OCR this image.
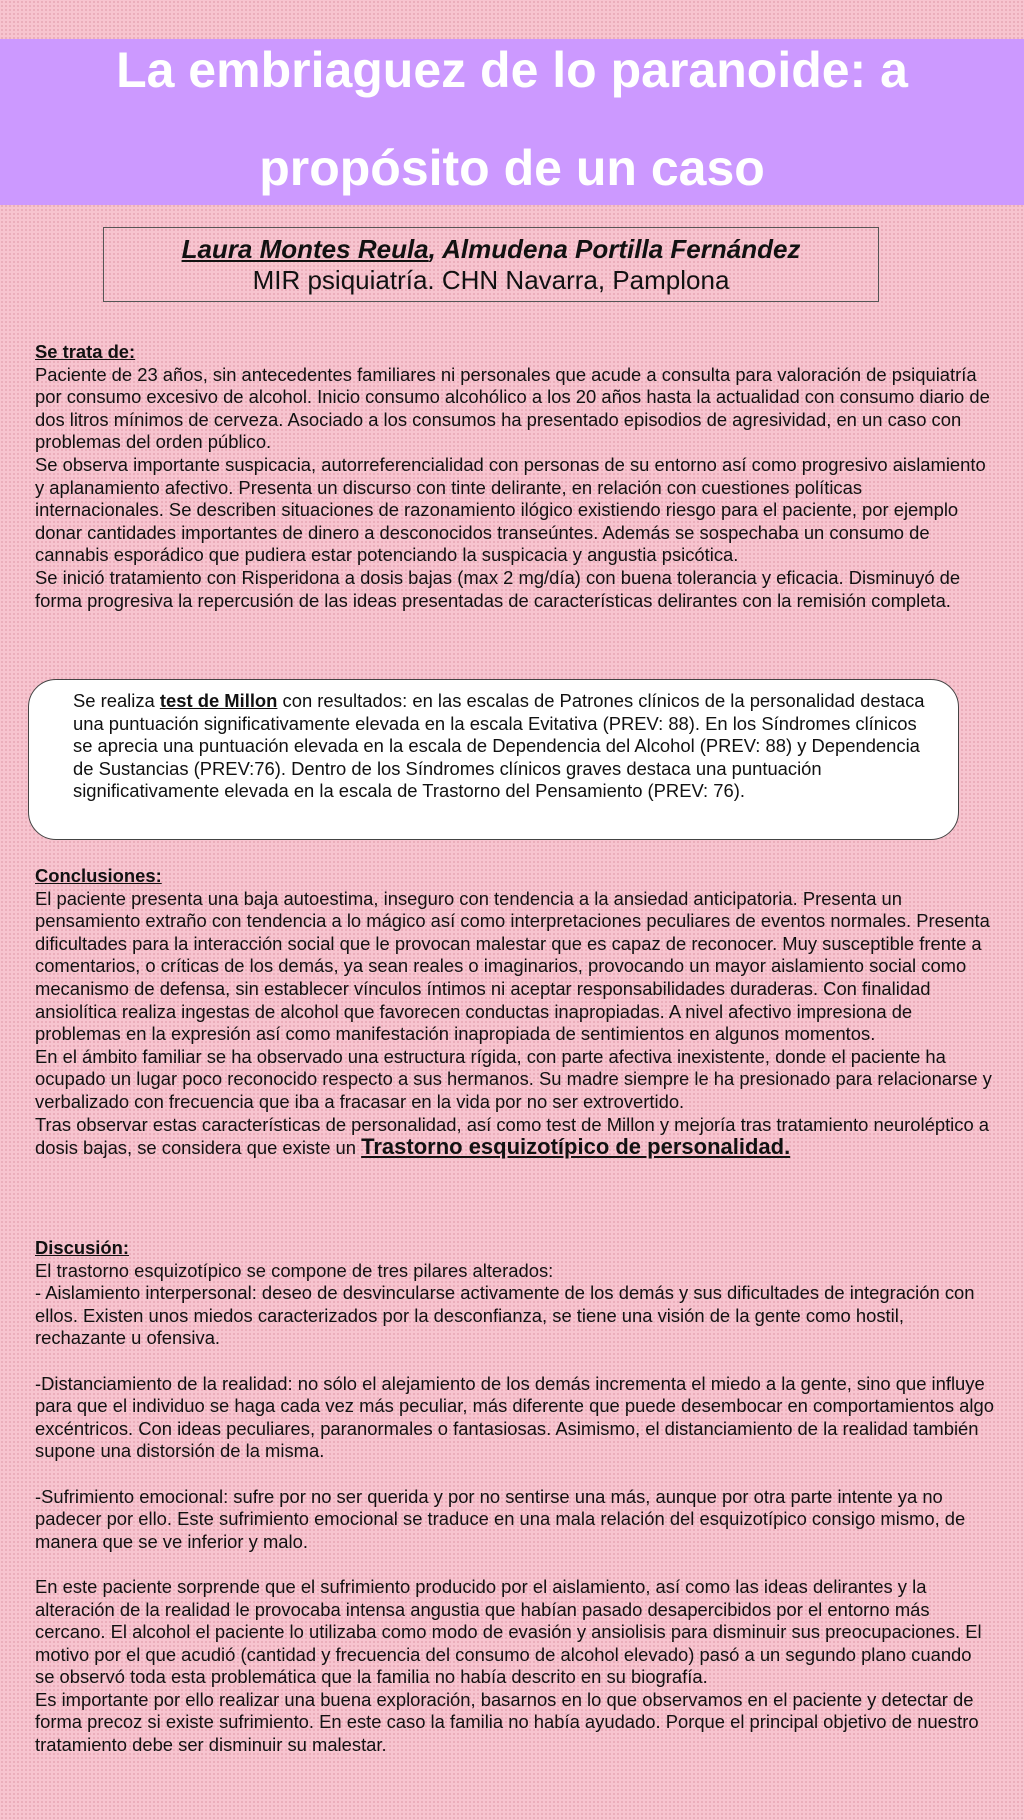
La embriaguez de lo paranoide: a
propósito de un caso
Laura Montes Reula, Almudena Portilla Fernández
MIR psiquiatría. CHN Navarra, Pamplona

Se trata de:

Paciente de 23 años, sin antecedentes familiares ni personales que acude a consulta para valoración de psiquiatría por consumo excesivo de alcohol. Inicio consumo alcohólico a los 20 años hasta la actualidad con consumo diario de dos litros mínimos de cerveza. Asociado a los consumos ha presentado episodios de agresividad, en un caso con problemas del orden público.

Se observa importante suspicacia, autorreferencialidad con personas de su entorno así como progresivo aislamiento y aplanamiento afectivo. Presenta un discurso con tinte delirante, en relación con cuestiones políticas internacionales. Se describen situaciones de razonamiento ilógico existiendo riesgo para el paciente, por ejemplo donar cantidades importantes de dinero a desconocidos transeúntes. Además se sospechaba un consumo de cannabis esporádico que pudiera estar potenciando la suspicacia y angustia psicótica.

Se inició tratamiento con Risperidona a dosis bajas (max 2 mg/día) con buena tolerancia y eficacia. Disminuyó de forma progresiva la repercusión de las ideas presentadas de características delirantes con la remisión completa.

Se realiza test de Millon con resultados: en las escalas de Patrones clínicos de la personalidad destaca una puntuación significativamente elevada en la escala Evitativa (PREV: 88). En los Síndromes clínicos se aprecia una puntuación elevada en la escala de Dependencia del Alcohol (PREV: 88) y Dependencia de Sustancias (PREV:76). Dentro de los Síndromes clínicos graves destaca una puntuación significativamente elevada en la escala de Trastorno del Pensamiento (PREV: 76).

Conclusiones:

El paciente presenta una baja autoestima, inseguro con tendencia a la ansiedad anticipatoria. Presenta un pensamiento extraño con tendencia a lo mágico así como interpretaciones peculiares de eventos normales. Presenta dificultades para la interacción social que le provocan malestar que es capaz de reconocer. Muy susceptible frente a comentarios, o críticas de los demás, ya sean reales o imaginarios, provocando un mayor aislamiento social como mecanismo de defensa, sin establecer vínculos íntimos ni aceptar responsabilidades duraderas. Con finalidad ansiolítica realiza ingestas de alcohol que favorecen conductas inapropiadas. A nivel afectivo impresiona de problemas en la expresión así como manifestación inapropiada de sentimientos en algunos momentos.

En el ámbito familiar se ha observado una estructura rígida, con parte afectiva inexistente, donde el paciente ha ocupado un lugar poco reconocido respecto a sus hermanos. Su madre siempre le ha presionado para relacionarse y verbalizado con frecuencia que iba a fracasar en la vida por no ser extrovertido.

Tras observar estas características de personalidad, así como test de Millon y mejoría tras tratamiento neuroléptico a dosis bajas, se considera que existe un Trastorno esquizotípico de personalidad.

Discusión:

El trastorno esquizotípico se compone de tres pilares alterados:

- Aislamiento interpersonal: deseo de desvincularse activamente de los demás y sus dificultades de integración con ellos. Existen unos miedos caracterizados por la desconfianza, se tiene una visión de la gente como hostil, rechazante u ofensiva.

-Distanciamiento de la realidad: no sólo el alejamiento de los demás incrementa el miedo a la gente, sino que influye para que el individuo se haga cada vez más peculiar, más diferente que puede desembocar en comportamientos algo excéntricos. Con ideas peculiares, paranormales o fantasiosas. Asimismo, el distanciamiento de la realidad también supone una distorsión de la misma.

-Sufrimiento emocional: sufre por no ser querida y por no sentirse una más, aunque por otra parte intente ya no padecer por ello. Este sufrimiento emocional se traduce en una mala relación del esquizotípico consigo mismo, de manera que se ve inferior y malo.

En este paciente sorprende que el sufrimiento producido por el aislamiento, así como las ideas delirantes y la alteración de la realidad le provocaba intensa angustia que habían pasado desapercibidos por el entorno más cercano. El alcohol el paciente lo utilizaba como modo de evasión y ansiolisis para disminuir sus preocupaciones. El motivo por el que acudió (cantidad y frecuencia del consumo de alcohol elevado) pasó a un segundo plano cuando se observó toda esta problemática que la familia no había descrito en su biografía.

Es importante por ello realizar una buena exploración, basarnos en lo que observamos en el paciente y detectar de forma precoz si existe sufrimiento. En este caso la familia no había ayudado. Porque el principal objetivo de nuestro tratamiento debe ser disminuir su malestar.
